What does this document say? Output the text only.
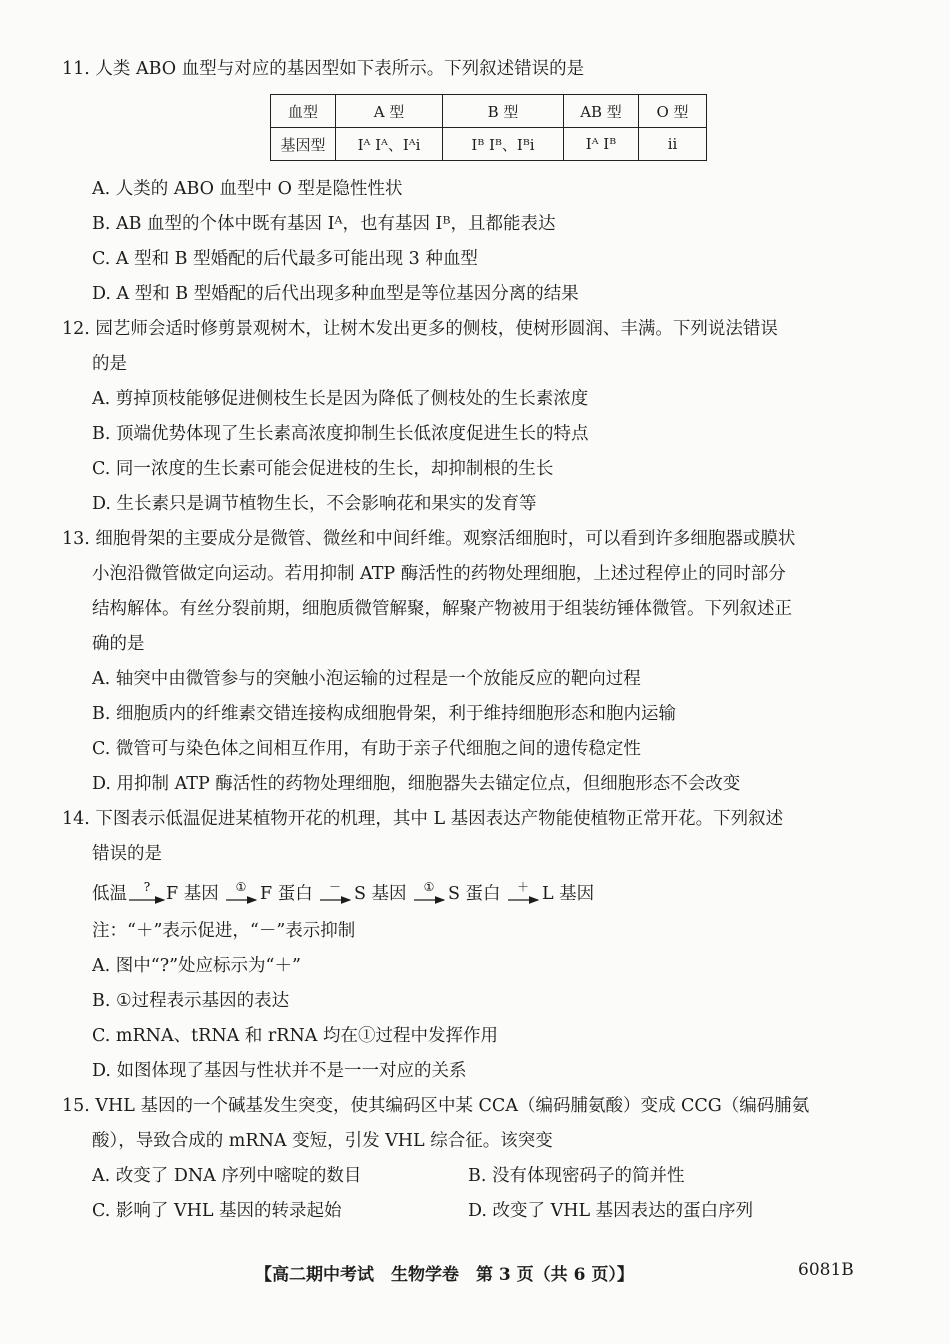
11. 人类 ABO 血型与对应的基因型如下表所示。下列叙述错误的是
血型	A 型	B 型	AB 型	O 型
基因型	Iᴬ Iᴬ、Iᴬi	Iᴮ Iᴮ、Iᴮi	Iᴬ Iᴮ	ii
A. 人类的 ABO 血型中 O 型是隐性性状
B. AB 血型的个体中既有基因 Iᴬ，也有基因 Iᴮ，且都能表达
C. A 型和 B 型婚配的后代最多可能出现 3 种血型
D. A 型和 B 型婚配的后代出现多种血型是等位基因分离的结果
12. 园艺师会适时修剪景观树木，让树木发出更多的侧枝，使树形圆润、丰满。下列说法错误
的是
A. 剪掉顶枝能够促进侧枝生长是因为降低了侧枝处的生长素浓度
B. 顶端优势体现了生长素高浓度抑制生长低浓度促进生长的特点
C. 同一浓度的生长素可能会促进枝的生长，却抑制根的生长
D. 生长素只是调节植物生长，不会影响花和果实的发育等
13. 细胞骨架的主要成分是微管、微丝和中间纤维。观察活细胞时，可以看到许多细胞器或膜状
小泡沿微管做定向运动。若用抑制 ATP 酶活性的药物处理细胞，上述过程停止的同时部分
结构解体。有丝分裂前期，细胞质微管解聚，解聚产物被用于组装纺锤体微管。下列叙述正
确的是
A. 轴突中由微管参与的突触小泡运输的过程是一个放能反应的靶向过程
B. 细胞质内的纤维素交错连接构成细胞骨架，利于维持细胞形态和胞内运输
C. 微管可与染色体之间相互作用，有助于亲子代细胞之间的遗传稳定性
D. 用抑制 ATP 酶活性的药物处理细胞，细胞器失去锚定位点，但细胞形态不会改变
14. 下图表示低温促进某植物开花的机理，其中 L 基因表达产物能使植物正常开花。下列叙述
错误的是
?	①	－	①	＋
低温 F 基因 F 蛋白 S 基因 S 蛋白 L 基因
注：“＋”表示促进，“－”表示抑制
A. 图中“?”处应标示为“＋”
B. ①过程表示基因的表达
C. mRNA、tRNA 和 rRNA 均在①过程中发挥作用
D. 如图体现了基因与性状并不是一一对应的关系
15. VHL 基因的一个碱基发生突变，使其编码区中某 CCA（编码脯氨酸）变成 CCG（编码脯氨
酸），导致合成的 mRNA 变短，引发 VHL 综合征。该突变
A. 改变了 DNA 序列中嘧啶的数目	B. 没有体现密码子的简并性
C. 影响了 VHL 基因的转录起始	D. 改变了 VHL 基因表达的蛋白序列
【高二期中考试　生物学卷　第 3 页（共 6 页）】	6081B
